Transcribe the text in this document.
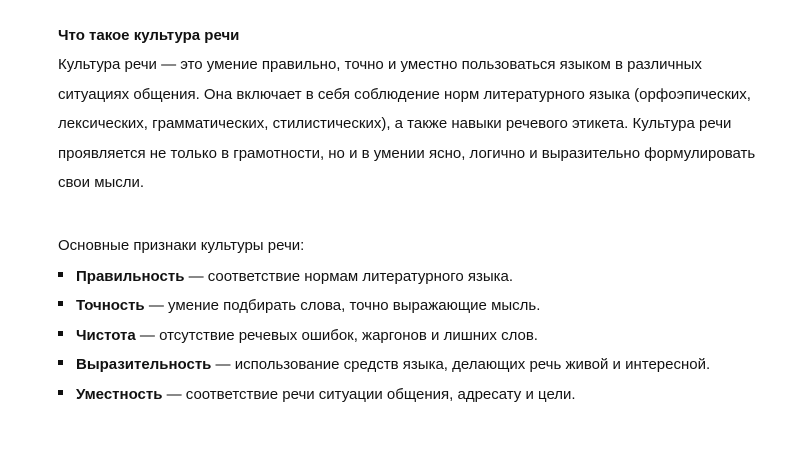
Что такое культура речи

Культура речи — это умение правильно, точно и уместно пользоваться языком в различных ситуациях общения. Она включает в себя соблюдение норм литературного языка (орфоэпических, лексических, грамматических, стилистических), а также навыки речевого этикета. Культура речи проявляется не только в грамотности, но и в умении ясно, логично и выразительно формулировать свои мысли.

Основные признаки культуры речи:

Правильность — соответствие нормам литературного языка.
Точность — умение подбирать слова, точно выражающие мысль.
Чистота — отсутствие речевых ошибок, жаргонов и лишних слов.
Выразительность — использование средств языка, делающих речь живой и интересной.
Уместность — соответствие речи ситуации общения, адресату и цели.
